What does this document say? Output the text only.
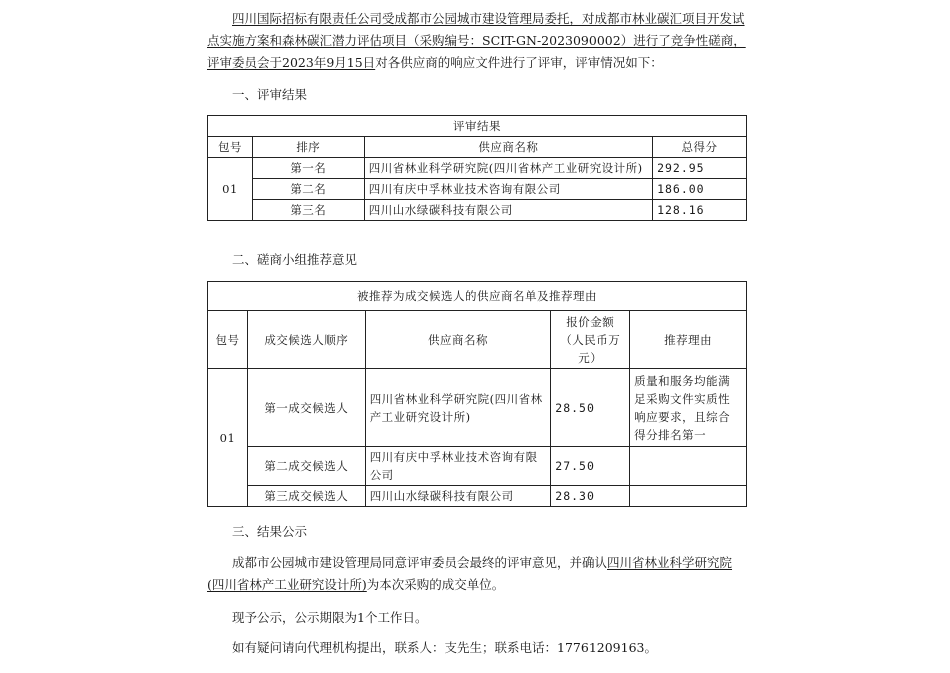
四川国际招标有限责任公司受成都市公园城市建设管理局委托，对成都市林业碳汇项目开发试点实施方案和森林碳汇潜力评估项目（采购编号：SCIT-GN-2023090002）进行了竞争性磋商，评审委员会于2023年9月15日对各供应商的响应文件进行了评审，评审情况如下：
一、评审结果
评审结果			
包号	排序	供应商名称	总得分
01	第一名	四川省林业科学研究院(四川省林产工业研究设计所)	292.95
	第二名	四川有庆中孚林业技术咨询有限公司	186.00
	第三名	四川山水绿碳科技有限公司	128.16
二、磋商小组推荐意见
被推荐为成交候选人的供应商名单及推荐理由				
包号	成交候选人顺序	供应商名称	报价金额（人民币万元）	推荐理由
01	第一成交候选人	四川省林业科学研究院(四川省林产工业研究设计所)	28.50	质量和服务均能满足采购文件实质性响应要求，且综合得分排名第一
	第二成交候选人	四川有庆中孚林业技术咨询有限公司	27.50	
	第三成交候选人	四川山水绿碳科技有限公司	28.30	
三、结果公示
成都市公园城市建设管理局同意评审委员会最终的评审意见，并确认四川省林业科学研究院(四川省林产工业研究设计所)为本次采购的成交单位。
现予公示，公示期限为1个工作日。
如有疑问请向代理机构提出，联系人：支先生；联系电话：17761209163。
